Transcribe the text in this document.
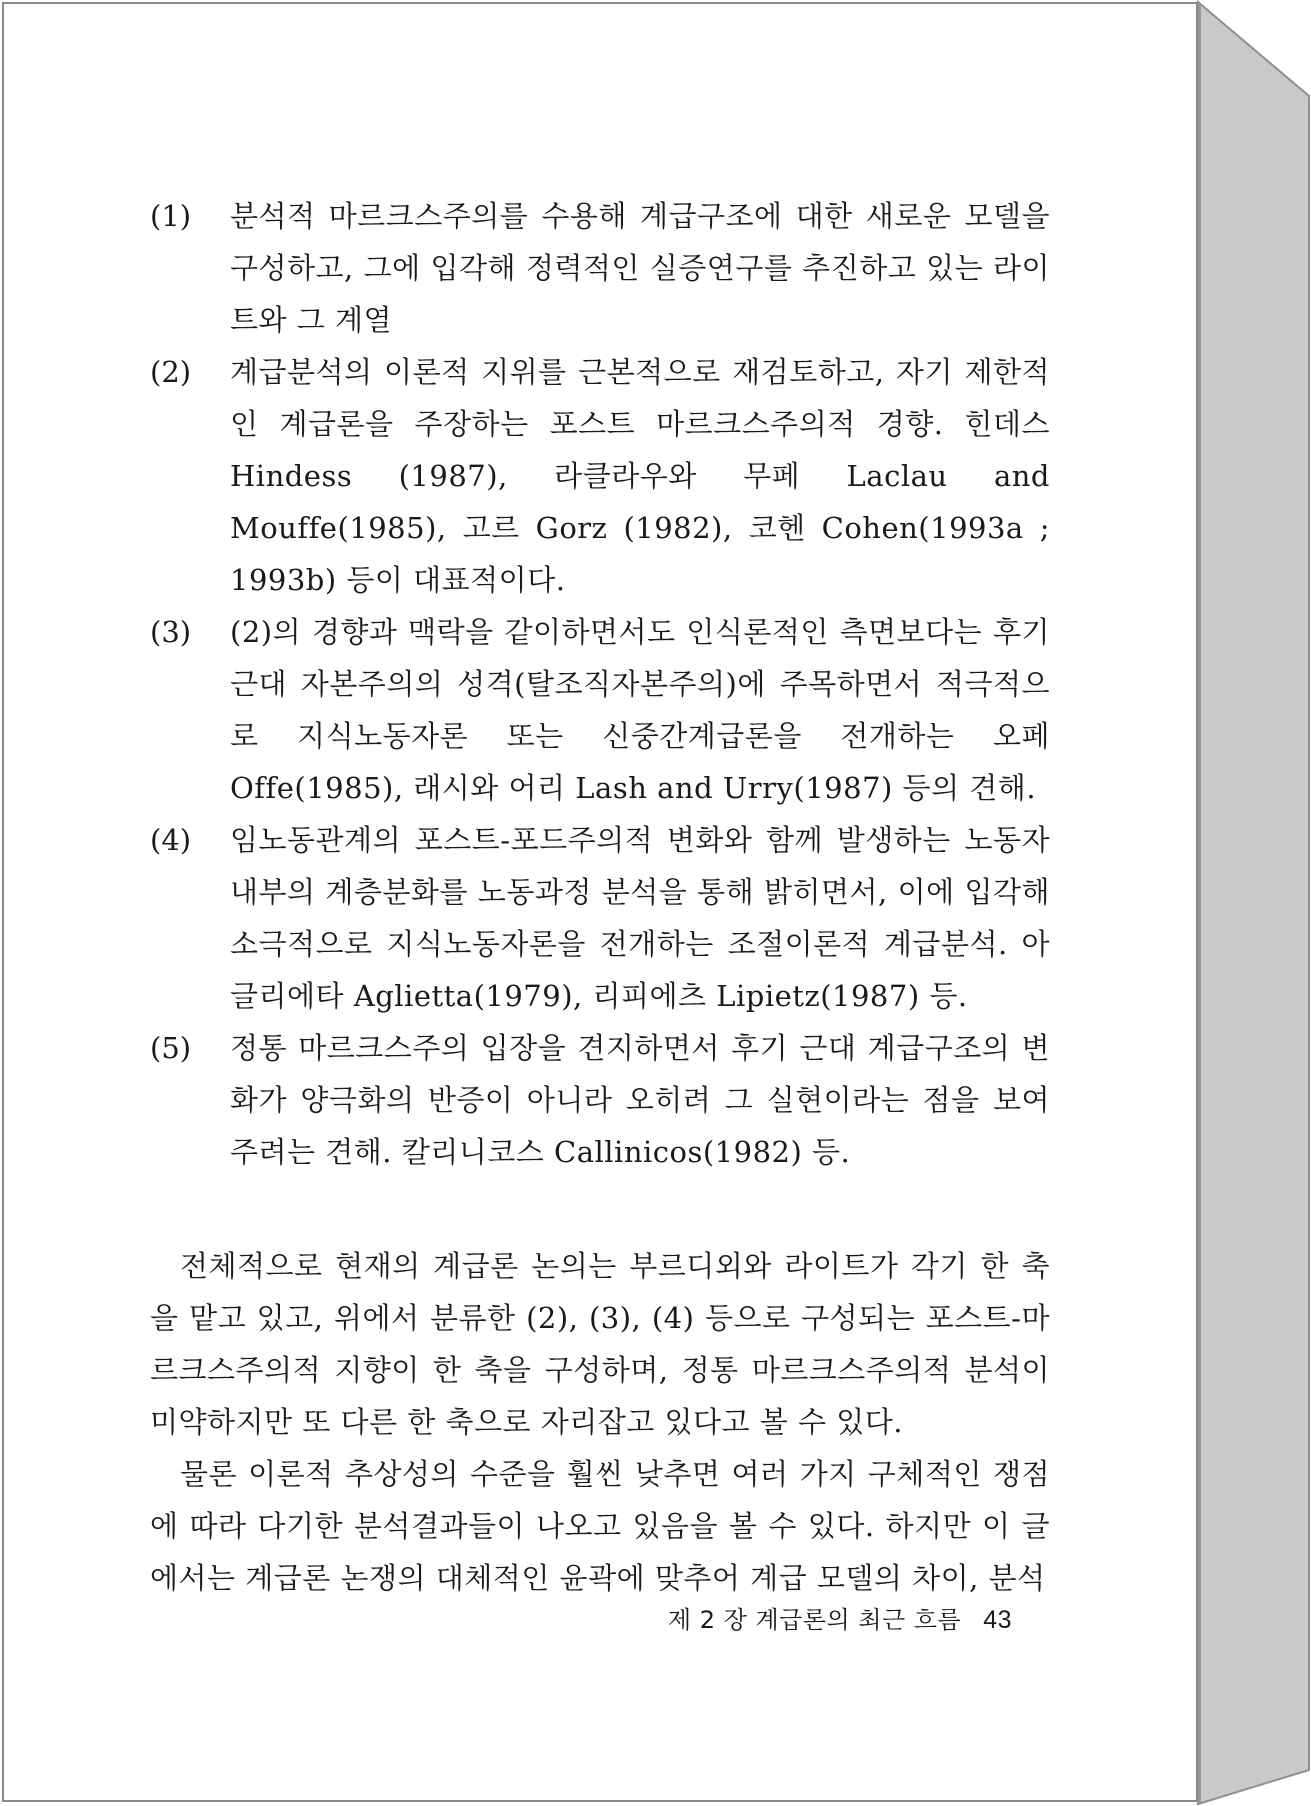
(1)	분석적 마르크스주의를 수용해 계급구조에 대한 새로운 모델을 구성하고, 그에 입각해 정력적인 실증연구를 추진하고 있는 라이트와 그 계열
(2)	계급분석의 이론적 지위를 근본적으로 재검토하고, 자기 제한적인 계급론을 주장하는 포스트 마르크스주의적 경향. 힌데스 Hindess (1987), 라클라우와 무페 Laclau and Mouffe(1985), 고르 Gorz (1982), 코헨 Cohen(1993a ; 1993b) 등이 대표적이다.
(3)	(2)의 경향과 맥락을 같이하면서도 인식론적인 측면보다는 후기근대 자본주의의 성격(탈조직자본주의)에 주목하면서 적극적으로 지식노동자론 또는 신중간계급론을 전개하는 오페 Offe(1985), 래시와 어리 Lash and Urry(1987) 등의 견해.
(4)	임노동관계의 포스트-포드주의적 변화와 함께 발생하는 노동자 내부의 계층분화를 노동과정 분석을 통해 밝히면서, 이에 입각해 소극적으로 지식노동자론을 전개하는 조절이론적 계급분석. 아글리에타 Aglietta(1979), 리피에츠 Lipietz(1987) 등.
(5)	정통 마르크스주의 입장을 견지하면서 후기 근대 계급구조의 변화가 양극화의 반증이 아니라 오히려 그 실현이라는 점을 보여 주려는 견해. 칼리니코스 Callinicos(1982) 등.

전체적으로 현재의 계급론 논의는 부르디외와 라이트가 각기 한 축을 맡고 있고, 위에서 분류한 (2), (3), (4) 등으로 구성되는 포스트-마르크스주의적 지향이 한 축을 구성하며, 정통 마르크스주의적 분석이 미약하지만 또 다른 한 축으로 자리잡고 있다고 볼 수 있다.

물론 이론적 추상성의 수준을 훨씬 낮추면 여러 가지 구체적인 쟁점에 따라 다기한 분석결과들이 나오고 있음을 볼 수 있다. 하지만 이 글에서는 계급론 논쟁의 대체적인 윤곽에 맞추어 계급 모델의 차이, 분석

제 2 장 계급론의 최근 흐름 43
